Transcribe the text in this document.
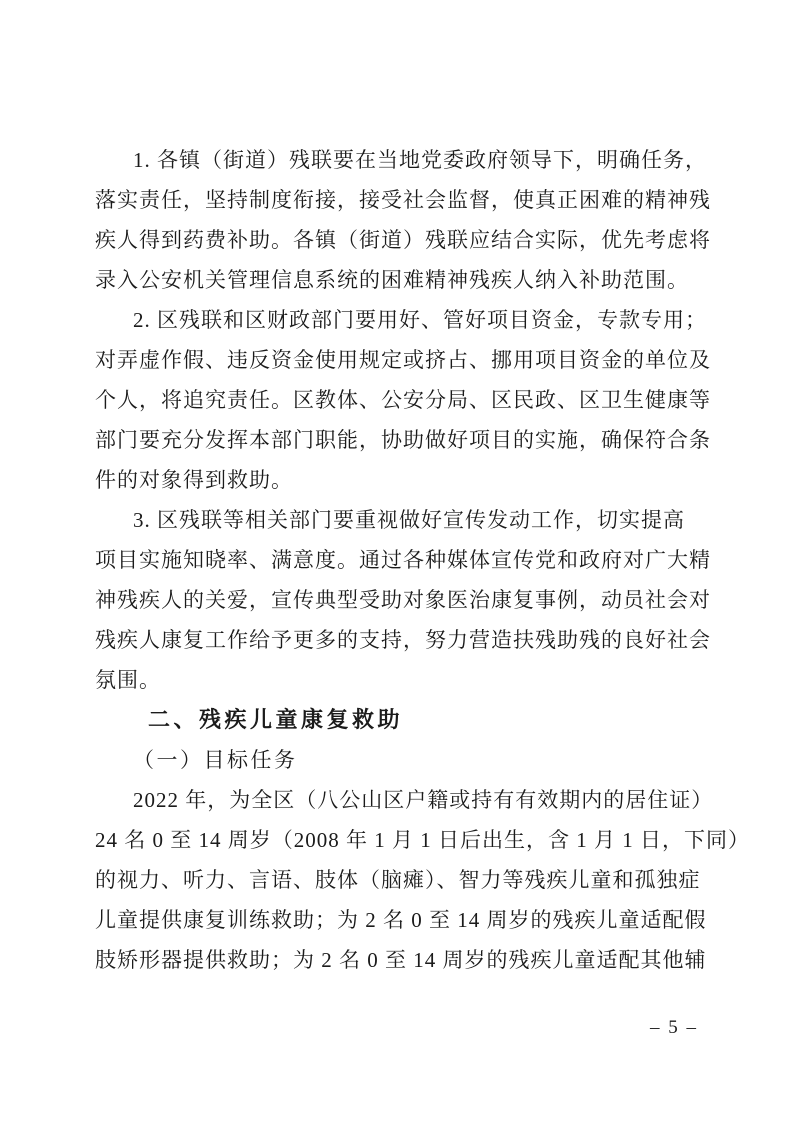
1. 各镇（街道）残联要在当地党委政府领导下，明确任务，
落实责任，坚持制度衔接，接受社会监督，使真正困难的精神残
疾人得到药费补助。各镇（街道）残联应结合实际，优先考虑将
录入公安机关管理信息系统的困难精神残疾人纳入补助范围。
2. 区残联和区财政部门要用好、管好项目资金，专款专用；
对弄虚作假、违反资金使用规定或挤占、挪用项目资金的单位及
个人，将追究责任。区教体、公安分局、区民政、区卫生健康等
部门要充分发挥本部门职能，协助做好项目的实施，确保符合条
件的对象得到救助。
3. 区残联等相关部门要重视做好宣传发动工作，切实提高
项目实施知晓率、满意度。通过各种媒体宣传党和政府对广大精
神残疾人的关爱，宣传典型受助对象医治康复事例，动员社会对
残疾人康复工作给予更多的支持，努力营造扶残助残的良好社会
氛围。
二、残疾儿童康复救助
（一）目标任务
2022 年，为全区（八公山区户籍或持有有效期内的居住证）
24 名 0 至 14 周岁（2008 年 1 月 1 日后出生，含 1 月 1 日，下同）
的视力、听力、言语、肢体（脑瘫）、智力等残疾儿童和孤独症
儿童提供康复训练救助；为 2 名 0 至 14 周岁的残疾儿童适配假
肢矫形器提供救助；为 2 名 0 至 14 周岁的残疾儿童适配其他辅
– 5 –
